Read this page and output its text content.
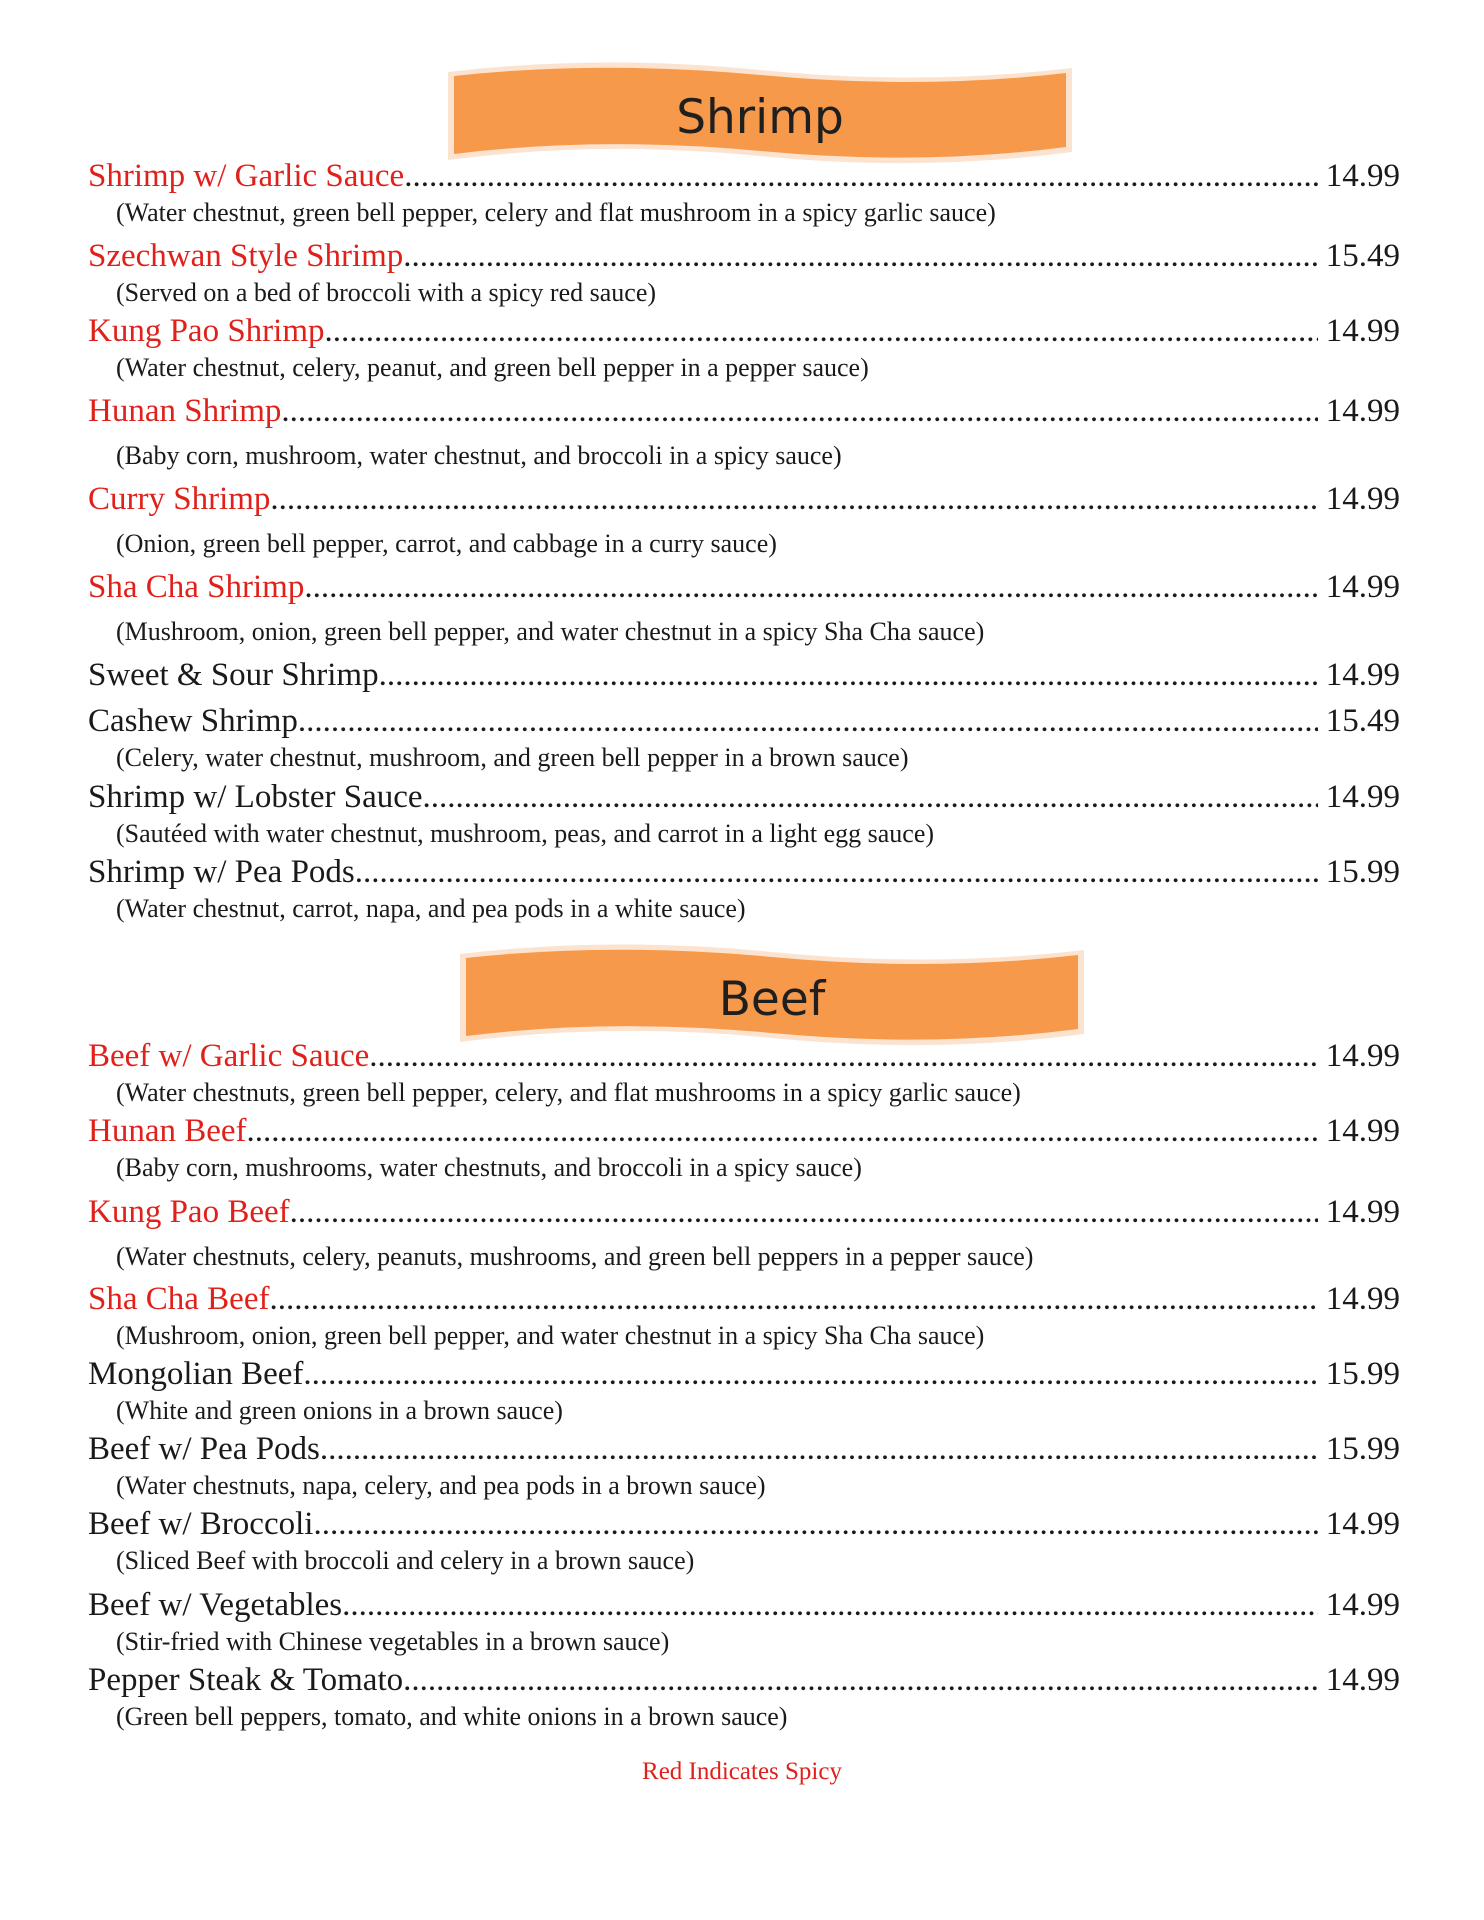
Shrimp
Shrimp w/ Garlic Sauce .....	14.99
(Water chestnut, green bell pepper, celery and flat mushroom in a spicy garlic sauce)
Szechwan Style Shrimp .....	15.49
(Served on a bed of broccoli with a spicy red sauce)
Kung Pao Shrimp .....	14.99
(Water chestnut, celery, peanut, and green bell pepper in a pepper sauce)
Hunan Shrimp .....	14.99
(Baby corn, mushroom, water chestnut, and broccoli in a spicy sauce)
Curry Shrimp .....	14.99
(Onion, green bell pepper, carrot, and cabbage in a curry sauce)
Sha Cha Shrimp .....	14.99
(Mushroom, onion, green bell pepper, and water chestnut in a spicy Sha Cha sauce)
Sweet & Sour Shrimp .....	14.99
Cashew Shrimp .....	15.49
(Celery, water chestnut, mushroom, and green bell pepper in a brown sauce)
Shrimp w/ Lobster Sauce .....	14.99
(Sautéed with water chestnut, mushroom, peas, and carrot in a light egg sauce)
Shrimp w/ Pea Pods .....	15.99
(Water chestnut, carrot, napa, and pea pods in a white sauce)
Beef
Beef w/ Garlic Sauce .....	14.99
(Water chestnuts, green bell pepper, celery, and flat mushrooms in a spicy garlic sauce)
Hunan Beef .....	14.99
(Baby corn, mushrooms, water chestnuts, and broccoli in a spicy sauce)
Kung Pao Beef .....	14.99
(Water chestnuts, celery, peanuts, mushrooms, and green bell peppers in a pepper sauce)
Sha Cha Beef .....	14.99
(Mushroom, onion, green bell pepper, and water chestnut in a spicy Sha Cha sauce)
Mongolian Beef .....	15.99
(White and green onions in a brown sauce)
Beef w/ Pea Pods .....	15.99
(Water chestnuts, napa, celery, and pea pods in a brown sauce)
Beef w/ Broccoli .....	14.99
(Sliced Beef with broccoli and celery in a brown sauce)
Beef w/ Vegetables .....	14.99
(Stir-fried with Chinese vegetables in a brown sauce)
Pepper Steak & Tomato .....	14.99
(Green bell peppers, tomato, and white onions in a brown sauce)
Red Indicates Spicy
